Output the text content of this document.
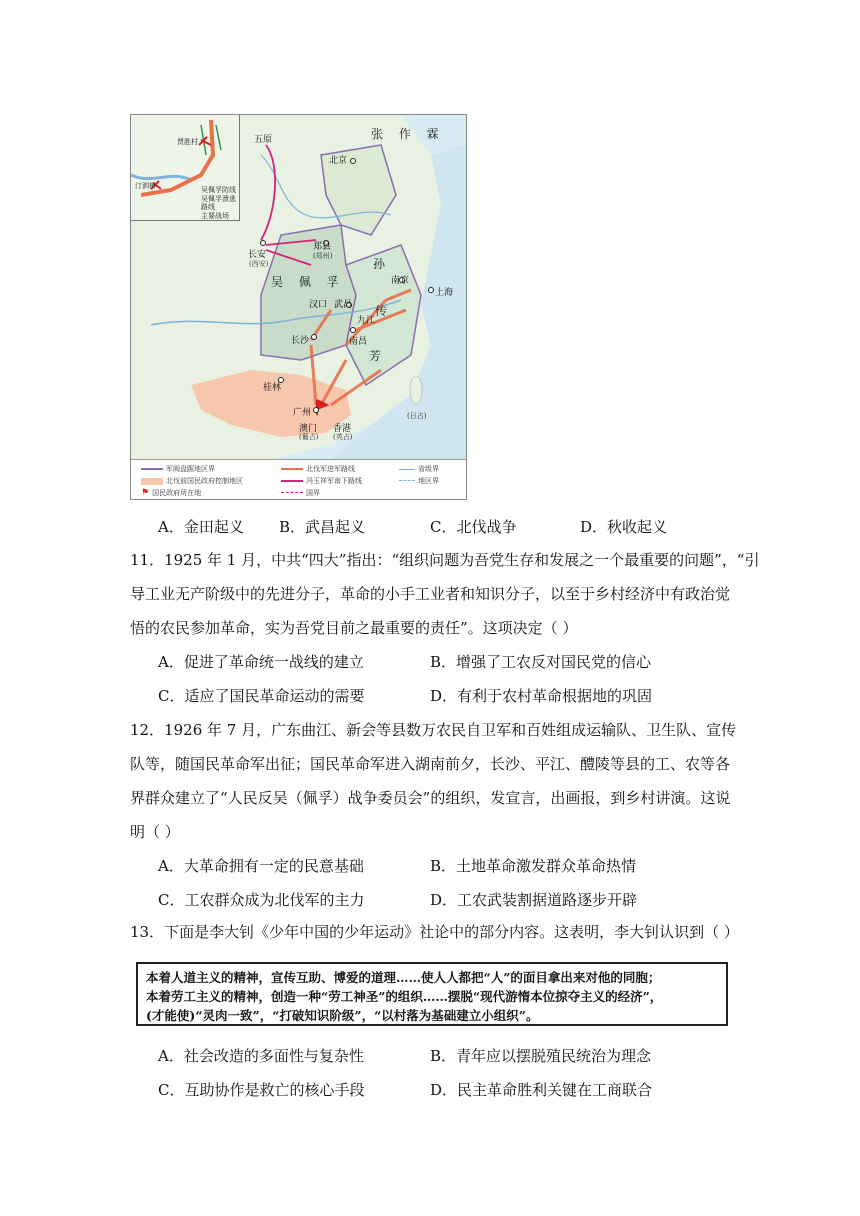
贾胜村
汀泗桥	吴佩孚防线
吴佩孚溃逃
路线
主要战场
张 作 霖
吴 佩 孚
孙
传
芳
北京
五原
长安
(西安)
郑县
(郑州)
南京
上海
汉口 武昌
九江
南昌
长沙
桂林
广州
澳门
(葡占)
香港
(英占)
(日占)
军阀盘踞地区界
北伐前国民政府控制地区
⚑ 国民政府所在地
北伐军进军路线
冯玉祥军南下路线
国界
省级界
地区界
A．金田起义 B．武昌起义	C．北伐战争	D．秋收起义
11．1925 年 1 月，中共“四大”指出：“组织问题为吾党生存和发展之一个最重要的问题”，“引
导工业无产阶级中的先进分子，革命的小手工业者和知识分子，以至于乡村经济中有政治觉
悟的农民参加革命，实为吾党目前之最重要的责任”。这项决定（ ）
A．促进了革命统一战线的建立	B．增强了工农反对国民党的信心
C．适应了国民革命运动的需要	D．有利于农村革命根据地的巩固
12．1926 年 7 月，广东曲江、新会等县数万农民自卫军和百姓组成运输队、卫生队、宣传
队等，随国民革命军出征；国民革命军进入湖南前夕，长沙、平江、醴陵等县的工、农等各
界群众建立了“人民反吴（佩孚）战争委员会”的组织，发宣言，出画报，到乡村讲演。这说
明（ ）
A．大革命拥有一定的民意基础	B．土地革命激发群众革命热情
C．工农群众成为北伐军的主力	D．工农武装割据道路逐步开辟
13．下面是李大钊《少年中国的少年运动》社论中的部分内容。这表明，李大钊认识到（ ）
本着人道主义的精神，宣传互助、博爱的道理……使人人都把“人”的面目拿出来对他的同胞；
本着劳工主义的精神，创造一种“劳工神圣”的组织……摆脱“现代游惰本位掠夺主义的经济”，
(才能使)“灵肉一致”，“打破知识阶级”，“以村落为基础建立小组织”。
A．社会改造的多面性与复杂性	B．青年应以摆脱殖民统治为理念
C．互助协作是救亡的核心手段	D．民主革命胜利关键在工商联合
